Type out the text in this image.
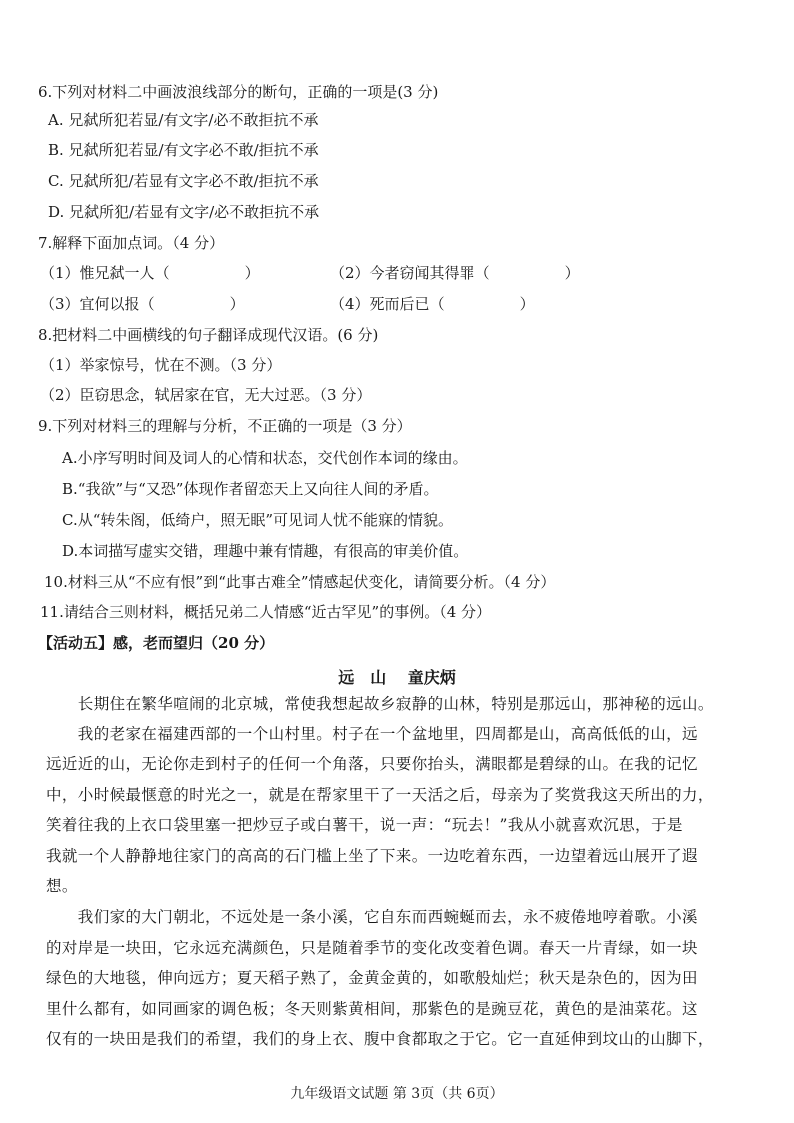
6.下列对材料二中画波浪线部分的断句，正确的一项是(3 分)
A. 兄弑所犯若显/有文字/必不敢拒抗不承
B. 兄弑所犯若显/有文字必不敢/拒抗不承
C. 兄弑所犯/若显有文字必不敢/拒抗不承
D. 兄弑所犯/若显有文字/必不敢拒抗不承
7.解释下面加点词。（4 分）
（1）惟兄弑一人（　　　　　）	（2）今者窃闻其得罪（　　　　　）
（3）宜何以报（　　　　　）	（4）死而后已（　　　　　）
8.把材料二中画横线的句子翻译成现代汉语。(6 分)
（1）举家惊号，忧在不测。（3 分）
（2）臣窃思念，轼居家在官，无大过恶。（3 分）
9.下列对材料三的理解与分析，不正确的一项是（3 分）
A.小序写明时间及词人的心情和状态，交代创作本词的缘由。
B.“我欲”与“又恐”体现作者留恋天上又向往人间的矛盾。
C.从“转朱阁，低绮户，照无眠”可见词人忧不能寐的情貌。
D.本词描写虚实交错，理趣中兼有情趣，有很高的审美价值。
10.材料三从“不应有恨”到“此事古难全”情感起伏变化，请简要分析。（4 分）
11.请结合三则材料，概括兄弟二人情感“近古罕见”的事例。（4 分）
【活动五】感，老而望归（20 分）
远　山 童庆炳
　　长期住在繁华喧闹的北京城，常使我想起故乡寂静的山林，特别是那远山，那神秘的远山。
　　我的老家在福建西部的一个山村里。村子在一个盆地里，四周都是山，高高低低的山，远
远近近的山，无论你走到村子的任何一个角落，只要你抬头，满眼都是碧绿的山。在我的记忆
中，小时候最惬意的时光之一，就是在帮家里干了一天活之后，母亲为了奖赏我这天所出的力，
笑着往我的上衣口袋里塞一把炒豆子或白薯干，说一声：“玩去！”我从小就喜欢沉思，于是
我就一个人静静地往家门的高高的石门槛上坐了下来。一边吃着东西，一边望着远山展开了遐
想。
　　我们家的大门朝北，不远处是一条小溪，它自东而西蜿蜒而去，永不疲倦地哼着歌。小溪
的对岸是一块田，它永远充满颜色，只是随着季节的变化改变着色调。春天一片青绿，如一块
绿色的大地毯，伸向远方；夏天稻子熟了，金黄金黄的，如歌般灿烂；秋天是杂色的，因为田
里什么都有，如同画家的调色板；冬天则紫黄相间，那紫色的是豌豆花，黄色的是油菜花。这
仅有的一块田是我们的希望，我们的身上衣、腹中食都取之于它。它一直延伸到坟山的山脚下，
九年级语文试题 第 3页（共 6页）
